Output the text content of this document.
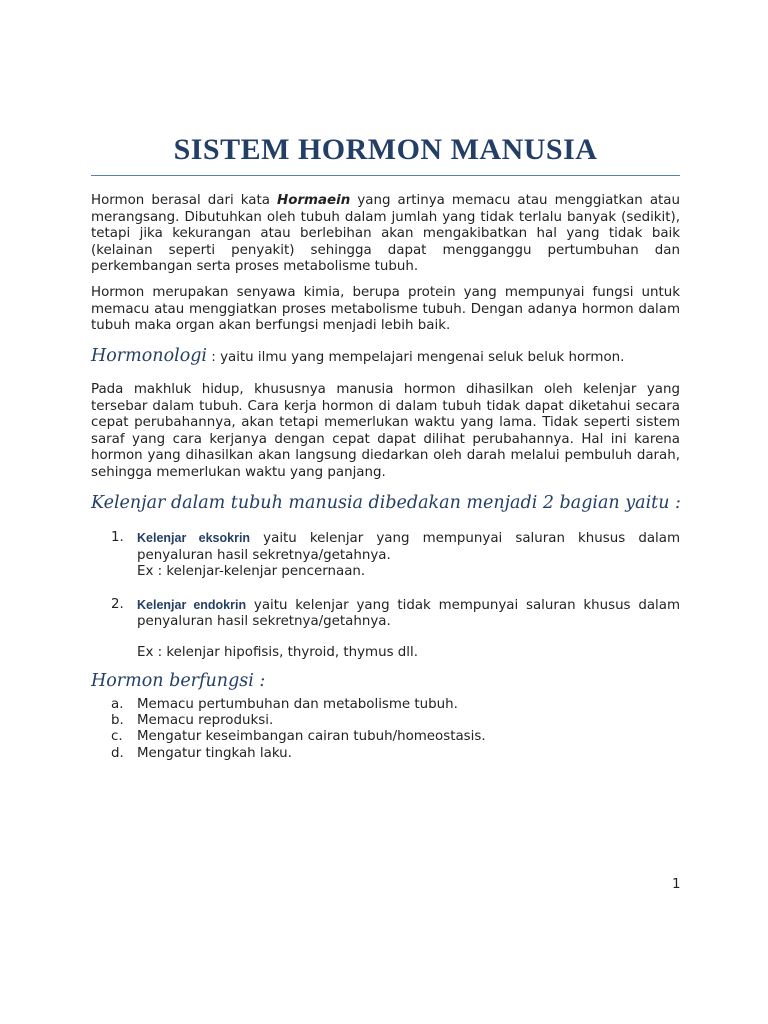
SISTEM HORMON MANUSIA

Hormon berasal dari kata Hormaein yang artinya memacu atau menggiatkan atau merangsang. Dibutuhkan oleh tubuh dalam jumlah yang tidak terlalu banyak (sedikit), tetapi jika kekurangan atau berlebihan akan mengakibatkan hal yang tidak baik (kelainan seperti penyakit) sehingga dapat mengganggu pertumbuhan dan perkembangan serta proses metabolisme tubuh.

Hormon merupakan senyawa kimia, berupa protein yang mempunyai fungsi untuk memacu atau menggiatkan proses metabolisme tubuh. Dengan adanya hormon dalam tubuh maka organ akan berfungsi menjadi lebih baik.

Hormonologi : yaitu ilmu yang mempelajari mengenai seluk beluk hormon.

Pada makhluk hidup, khususnya manusia hormon dihasilkan oleh kelenjar yang tersebar dalam tubuh. Cara kerja hormon di dalam tubuh tidak dapat diketahui secara cepat perubahannya, akan tetapi memerlukan waktu yang lama. Tidak seperti sistem saraf yang cara kerjanya dengan cepat dapat dilihat perubahannya. Hal ini karena hormon yang dihasilkan akan langsung diedarkan oleh darah melalui pembuluh darah, sehingga memerlukan waktu yang panjang.

Kelenjar dalam tubuh manusia dibedakan menjadi 2 bagian yaitu :

1. Kelenjar eksokrin yaitu kelenjar yang mempunyai saluran khusus dalam penyaluran hasil sekretnya/getahnya.
Ex : kelenjar-kelenjar pencernaan.
2. Kelenjar endokrin yaitu kelenjar yang tidak mempunyai saluran khusus dalam penyaluran hasil sekretnya/getahnya.
Ex : kelenjar hipofisis, thyroid, thymus dll.

Hormon berfungsi :

a. Memacu pertumbuhan dan metabolisme tubuh.
b. Memacu reproduksi.
c. Mengatur keseimbangan cairan tubuh/homeostasis.
d. Mengatur tingkah laku.
1
